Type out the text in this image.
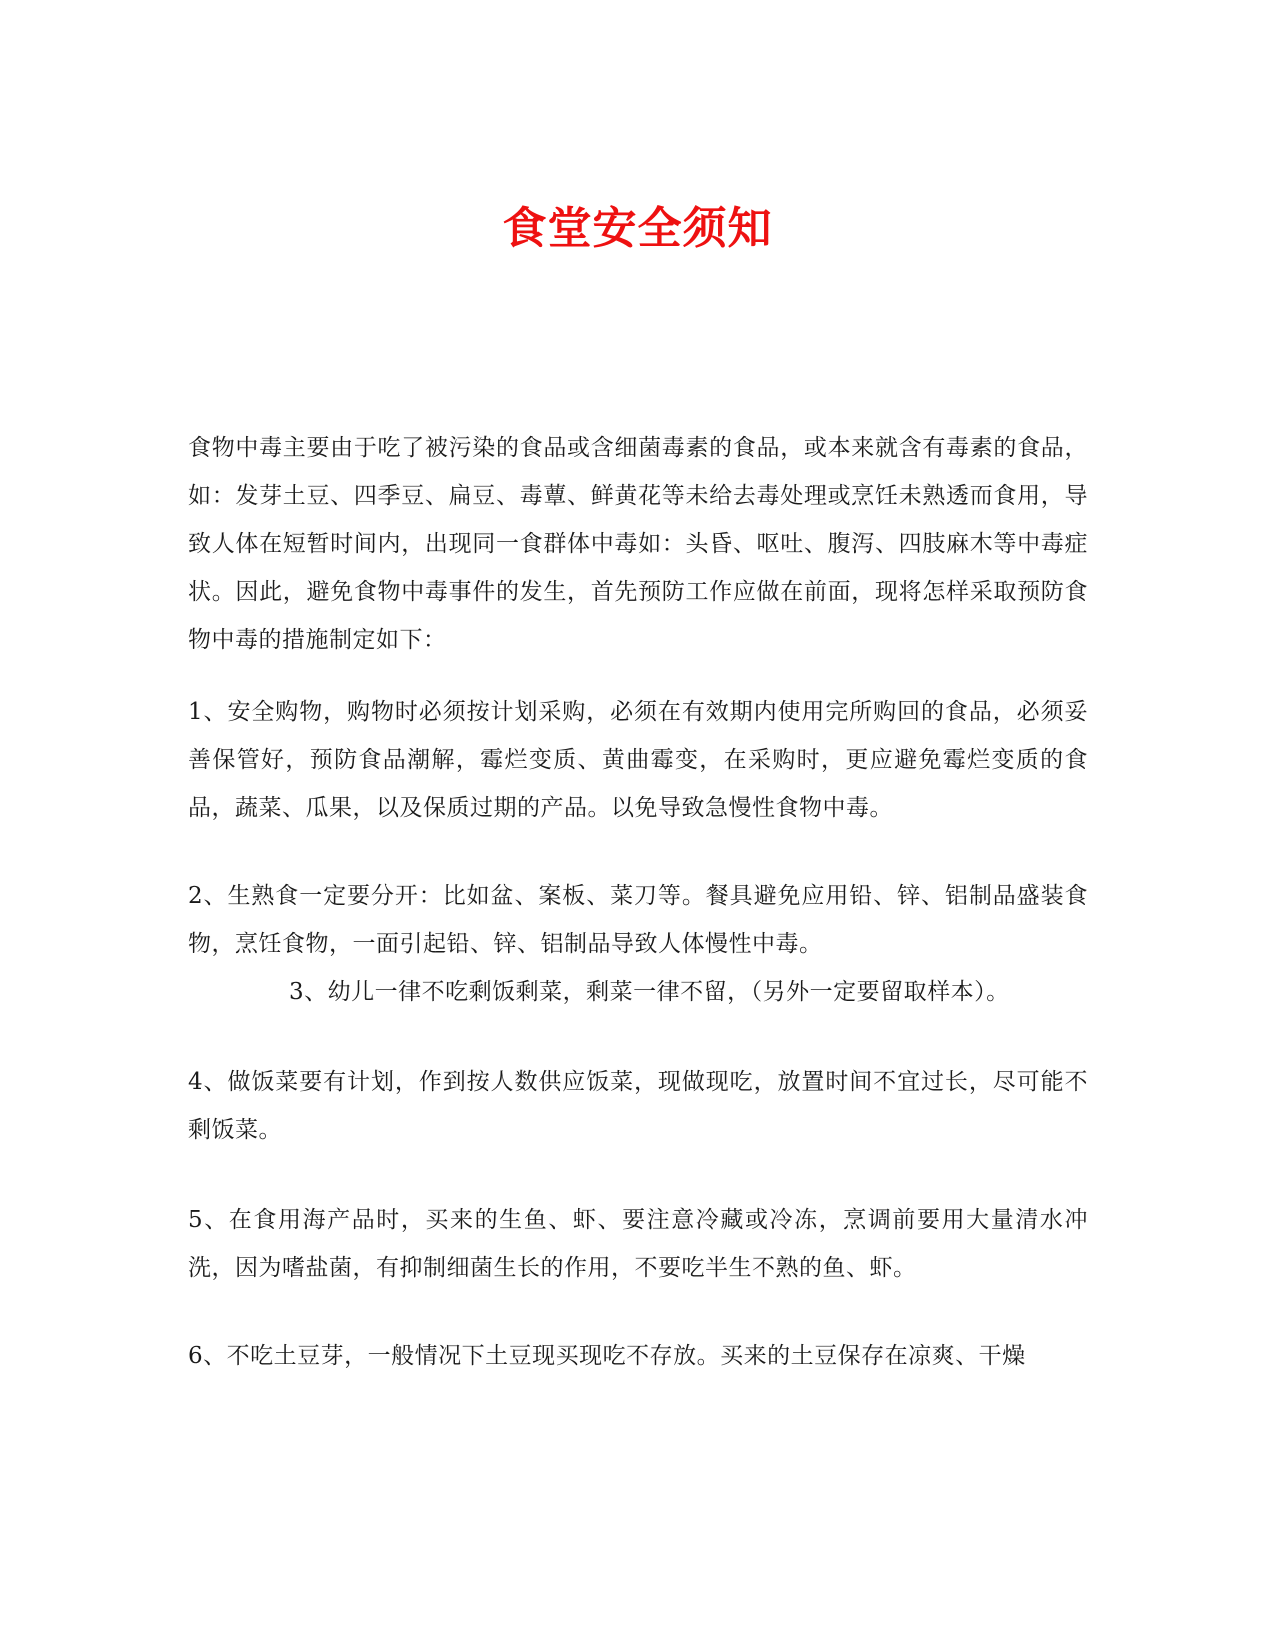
食堂安全须知

食物中毒主要由于吃了被污染的食品或含细菌毒素的食品，或本来就含有毒素的食品，如：发芽土豆、四季豆、扁豆、毒蕈、鲜黄花等未给去毒处理或烹饪未熟透而食用，导致人体在短暂时间内，出现同一食群体中毒如：头昏、呕吐、腹泻、四肢麻木等中毒症状。因此，避免食物中毒事件的发生，首先预防工作应做在前面，现将怎样采取预防食物中毒的措施制定如下：

1、安全购物，购物时必须按计划采购，必须在有效期内使用完所购回的食品，必须妥善保管好，预防食品潮解，霉烂变质、黄曲霉变，在采购时，更应避免霉烂变质的食品，蔬菜、瓜果，以及保质过期的产品。以免导致急慢性食物中毒。

2、生熟食一定要分开：比如盆、案板、菜刀等。餐具避免应用铅、锌、铝制品盛装食物，烹饪食物，一面引起铅、锌、铝制品导致人体慢性中毒。

3、幼儿一律不吃剩饭剩菜，剩菜一律不留，（另外一定要留取样本）。

4、做饭菜要有计划，作到按人数供应饭菜，现做现吃，放置时间不宜过长，尽可能不剩饭菜。

5、在食用海产品时，买来的生鱼、虾、要注意冷藏或冷冻，烹调前要用大量清水冲洗，因为嗜盐菌，有抑制细菌生长的作用，不要吃半生不熟的鱼、虾。

6、不吃土豆芽，一般情况下土豆现买现吃不存放。买来的土豆保存在凉爽、干燥
